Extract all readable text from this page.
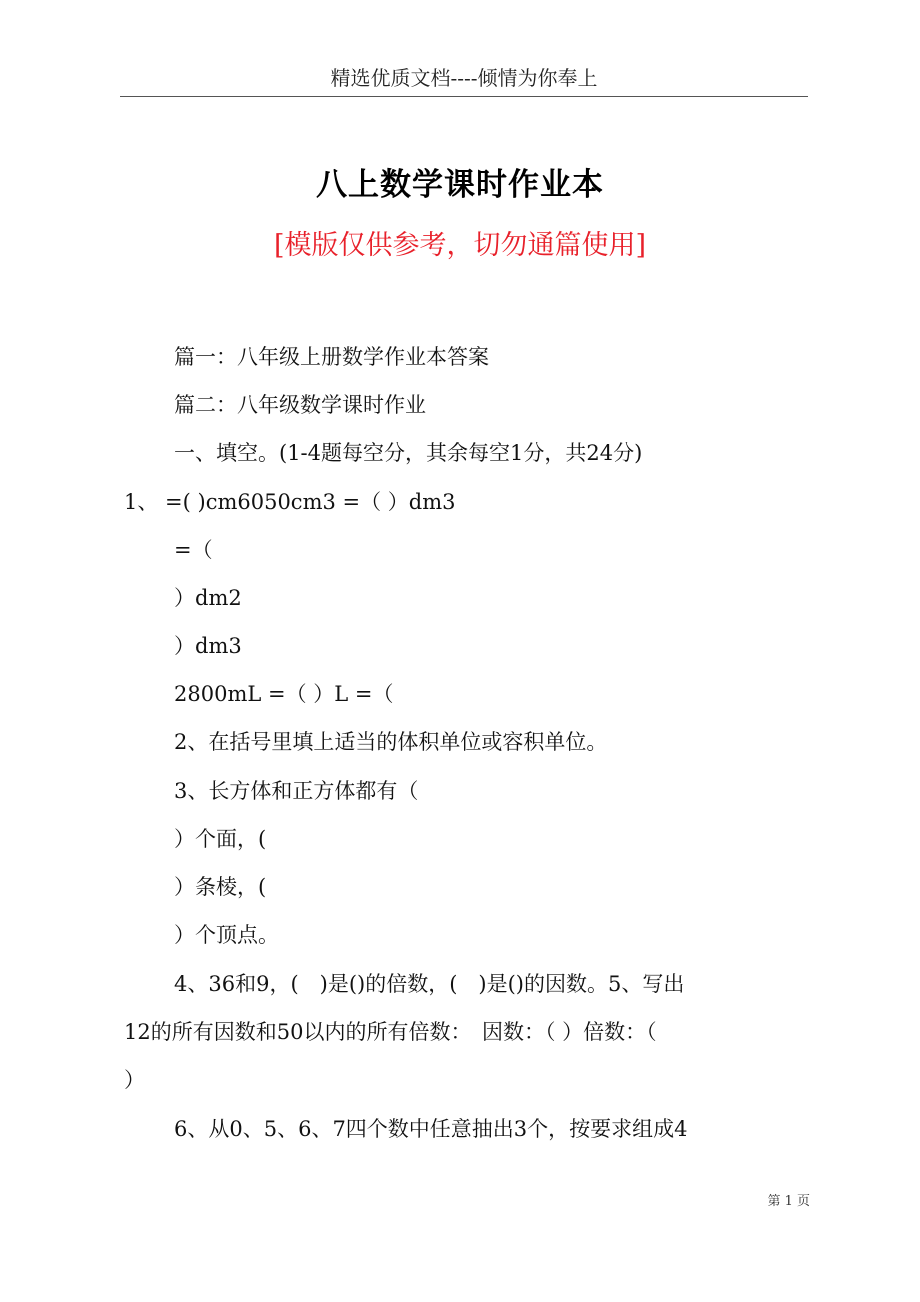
精选优质文档----倾情为你奉上
八上数学课时作业本
[模版仅供参考，切勿通篇使用]
篇一：八年级上册数学作业本答案
篇二：八年级数学课时作业
一、填空。(1-4题每空分，其余每空1分，共24分)
1、 =( )cm6050cm3 =（ ）dm3
=（
）dm2
）dm3
2800mL =（ ）L =（
2、在括号里填上适当的体积单位或容积单位。
3、长方体和正方体都有（
）个面，(
）条棱，(
）个顶点。
4、36和9，(　)是()的倍数，(　)是()的因数。5、写出
12的所有因数和50以内的所有倍数：　因数：（ ）倍数：（
）
6、从0、5、6、7四个数中任意抽出3个，按要求组成4
第 1 页
